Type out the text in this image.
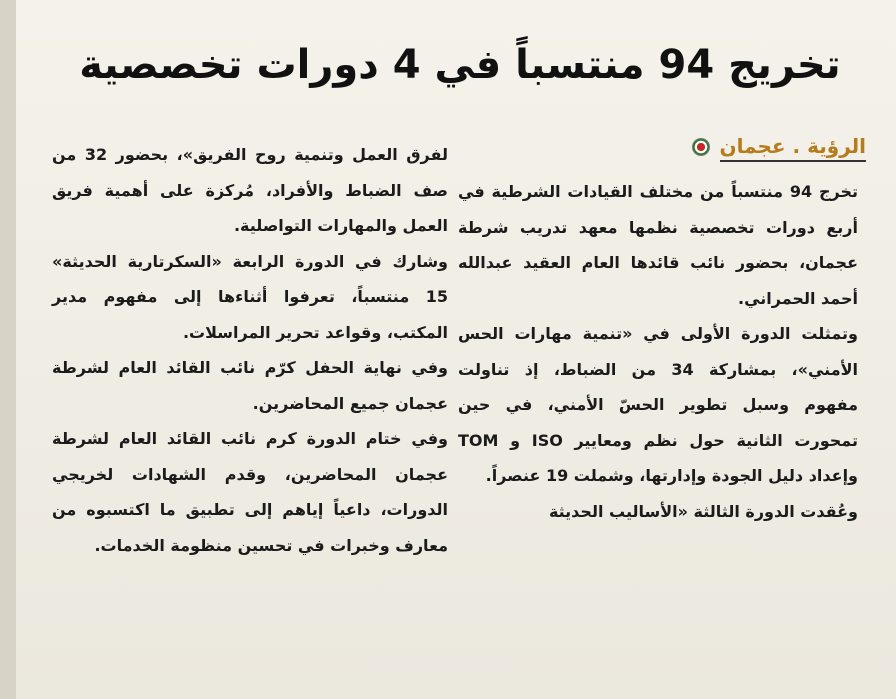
تخريج 94 منتسباً في 4 دورات تخصصية
الرؤية . عجمان

تخرج 94 منتسباً من مختلف القيادات الشرطية في أربع دورات تخصصية نظمها معهد تدريب شرطة عجمان، بحضور نائب قائدها العام العقيد عبدالله أحمد الحمراني.

وتمثلت الدورة الأولى في «تنمية مهارات الحس الأمني»، بمشاركة 34 من الضباط، إذ تناولت مفهوم وسبل تطوير الحسّ الأمني، في حين تمحورت الثانية حول نظم ومعايير ISO و TOM وإعداد دليل الجودة وإدارتها، وشملت 19 عنصراً.

وعُقدت الدورة الثالثة «الأساليب الحديثة

لفرق العمل وتنمية روح الفريق»، بحضور 32 من صف الضباط والأفراد، مُركزة على أهمية فريق العمل والمهارات التواصلية.

وشارك في الدورة الرابعة «السكرتارية الحديثة» 15 منتسباً، تعرفوا أثناءها إلى مفهوم مدير المكتب، وقواعد تحرير المراسلات.

وفي نهاية الحفل كرّم نائب القائد العام لشرطة عجمان جميع المحاضرين.

وفي ختام الدورة كرم نائب القائد العام لشرطة عجمان المحاضرين، وقدم الشهادات لخريجي الدورات، داعياً إياهم إلى تطبيق ما اكتسبوه من معارف وخبرات في تحسين منظومة الخدمات.
